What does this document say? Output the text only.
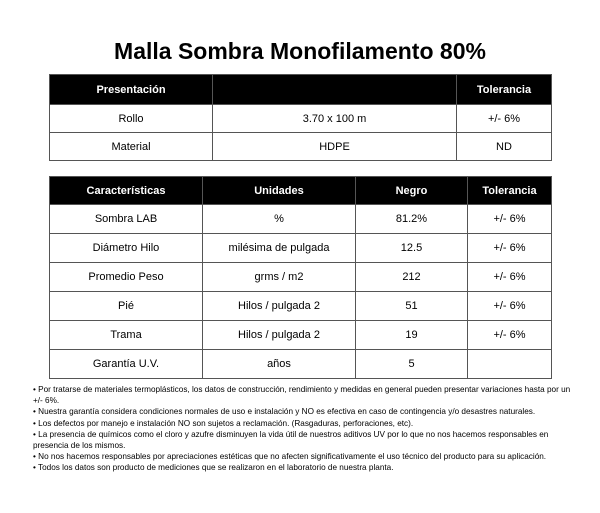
Malla Sombra Monofilamento 80%
Presentación		Tolerancia
Rollo	3.70 x 100 m	+/- 6%
Material	HDPE	ND
Características	Unidades	Negro	Tolerancia
Sombra LAB	%	81.2%	+/- 6%
Diámetro Hilo	milésima de pulgada	12.5	+/- 6%
Promedio Peso	grms / m2	212	+/- 6%
Pié	Hilos / pulgada 2	51	+/- 6%
Trama	Hilos / pulgada 2	19	+/- 6%
Garantía U.V.	años	5	
• Por tratarse de materiales termoplásticos, los datos de construcción, rendimiento y medidas en general pueden presentar variaciones hasta por un +/- 6%.
• Nuestra garantía considera condiciones normales de uso e instalación y NO es efectiva en caso de contingencia y/o desastres naturales.
• Los defectos por manejo e instalación NO son sujetos a reclamación. (Rasgaduras, perforaciones, etc).
• La presencia de químicos como el cloro y azufre disminuyen la vida útil de nuestros aditivos UV por lo que no nos hacemos responsables en presencia de los mismos.
• No nos hacemos responsables por apreciaciones estéticas que no afecten significativamente el uso técnico del producto para su aplicación.
• Todos los datos son producto de mediciones que se realizaron en el laboratorio de nuestra planta.
